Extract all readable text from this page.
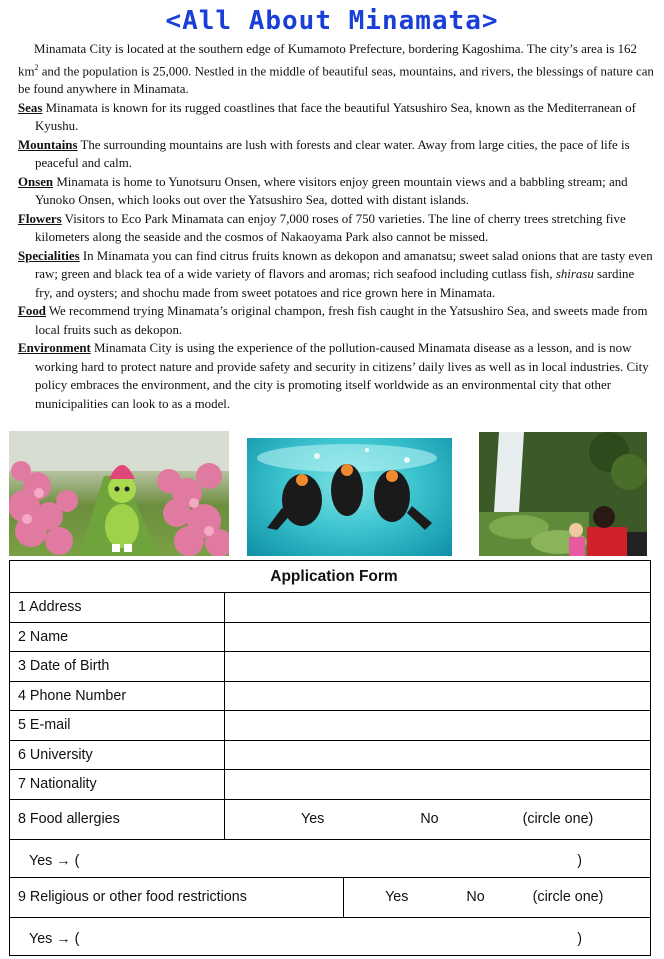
<All About Minamata>
Minamata City is located at the southern edge of Kumamoto Prefecture, bordering Kagoshima. The city’s area is 162 $km^2$ and the population is 25,000. Nestled in the middle of beautiful seas, mountains, and rivers, the blessings of nature can be found anywhere in Minamata.
Seas Minamata is known for its rugged coastlines that face the beautiful Yatsushiro Sea, known as the Mediterranean of Kyushu.
Mountains The surrounding mountains are lush with forests and clear water. Away from large cities, the pace of life is peaceful and calm.
Onsen Minamata is home to Yunotsuru Onsen, where visitors enjoy green mountain views and a babbling stream; and Yunoko Onsen, which looks out over the Yatsushiro Sea, dotted with distant islands.
Flowers Visitors to Eco Park Minamata can enjoy 7,000 roses of 750 varieties. The line of cherry trees stretching five kilometers along the seaside and the cosmos of Nakaoyama Park also cannot be missed.
Specialities In Minamata you can find citrus fruits known as dekopon and amanatsu; sweet salad onions that are tasty even raw; green and black tea of a wide variety of flavors and aromas; rich seafood including cutlass fish, shirasu sardine fry, and oysters; and shochu made from sweet potatoes and rice grown here in Minamata.
Food We recommend trying Minamata’s original champon, fresh fish caught in the Yatsushiro Sea, and sweets made from local fruits such as dekopon.
Environment Minamata City is using the experience of the pollution-caused Minamata disease as a lesson, and is now working hard to protect nature and provide safety and security in citizens’ daily lives as well as in local industries. City policy embraces the environment, and the city is promoting itself worldwide as an environmental city that other municipalities can look to as a model.
Application Form		
1 Address		
2 Name		
3 Date of Birth		
4 Phone Number		
5 E-mail		
6 University		
7 Nationality		
8 Food allergies	Yes No (circle one)	
Yes → ( )		
9 Religious or other food restrictions		Yes No (circle one)
Yes → ( )		
